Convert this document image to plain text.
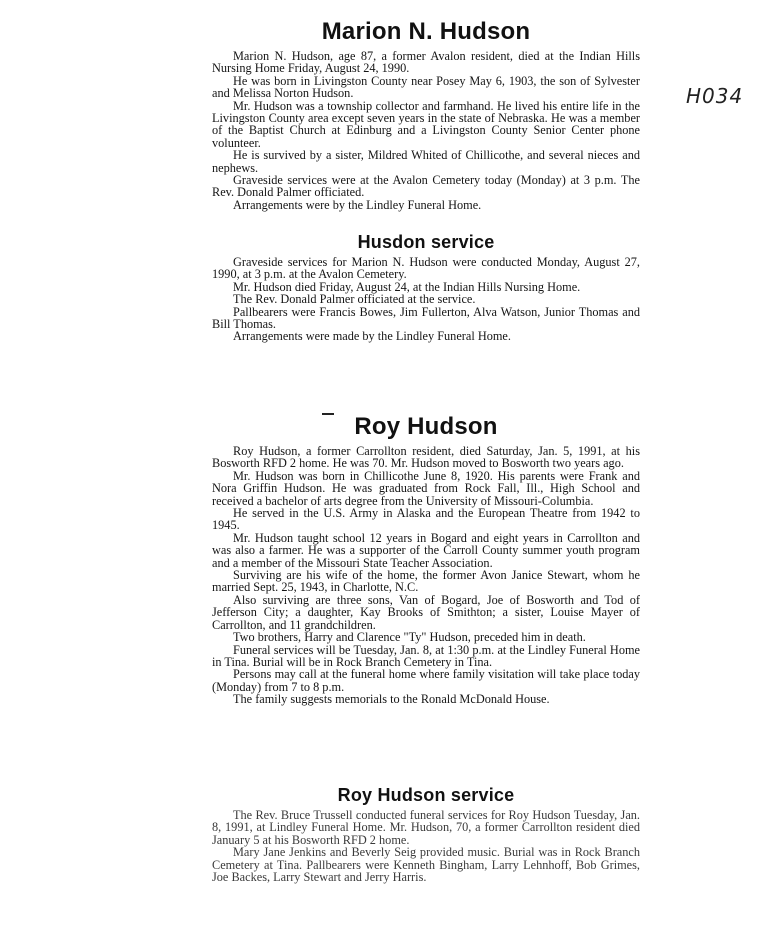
H034
Marion N. Hudson

Marion N. Hudson, age 87, a former Avalon resident, died at the Indian Hills Nursing Home Friday, August 24, 1990.

He was born in Livingston County near Posey May 6, 1903, the son of Sylvester and Melissa Norton Hudson.

Mr. Hudson was a township collector and farmhand. He lived his entire life in the Livingston County area except seven years in the state of Nebraska. He was a member of the Baptist Church at Edinburg and a Livingston County Senior Center phone volunteer.

He is survived by a sister, Mildred Whited of Chillicothe, and several nieces and nephews.

Graveside services were at the Avalon Cemetery today (Monday) at 3 p.m. The Rev. Donald Palmer officiated.

Arrangements were by the Lindley Funeral Home.

Husdon service

Graveside services for Marion N. Hudson were conducted Monday, August 27, 1990, at 3 p.m. at the Avalon Cemetery.

Mr. Hudson died Friday, August 24, at the Indian Hills Nursing Home.

The Rev. Donald Palmer officiated at the service.

Pallbearers were Francis Bowes, Jim Fullerton, Alva Watson, Junior Thomas and Bill Thomas.

Arrangements were made by the Lindley Funeral Home.

Roy Hudson

Roy Hudson, a former Carrollton resident, died Saturday, Jan. 5, 1991, at his Bosworth RFD 2 home. He was 70. Mr. Hudson moved to Bosworth two years ago.

Mr. Hudson was born in Chillicothe June 8, 1920. His parents were Frank and Nora Griffin Hudson. He was graduated from Rock Fall, Ill., High School and received a bachelor of arts degree from the University of Missouri-Columbia.

He served in the U.S. Army in Alaska and the European Theatre from 1942 to 1945.

Mr. Hudson taught school 12 years in Bogard and eight years in Carrollton and was also a farmer. He was a supporter of the Carroll County summer youth program and a member of the Missouri State Teacher Association.

Surviving are his wife of the home, the former Avon Janice Stewart, whom he married Sept. 25, 1943, in Charlotte, N.C.

Also surviving are three sons, Van of Bogard, Joe of Bosworth and Tod of Jefferson City; a daughter, Kay Brooks of Smithton; a sister, Louise Mayer of Carrollton, and 11 grandchildren.

Two brothers, Harry and Clarence "Ty" Hudson, preceded him in death.

Funeral services will be Tuesday, Jan. 8, at 1:30 p.m. at the Lindley Funeral Home in Tina. Burial will be in Rock Branch Cemetery in Tina.

Persons may call at the funeral home where family visitation will take place today (Monday) from 7 to 8 p.m.

The family suggests memorials to the Ronald McDonald House.

Roy Hudson service

The Rev. Bruce Trussell conducted funeral services for Roy Hudson Tuesday, Jan. 8, 1991, at Lindley Funeral Home. Mr. Hudson, 70, a former Carrollton resident died January 5 at his Bosworth RFD 2 home.

Mary Jane Jenkins and Beverly Seig provided music. Burial was in Rock Branch Cemetery at Tina. Pallbearers were Kenneth Bingham, Larry Lehnhoff, Bob Grimes, Joe Backes, Larry Stewart and Jerry Harris.
